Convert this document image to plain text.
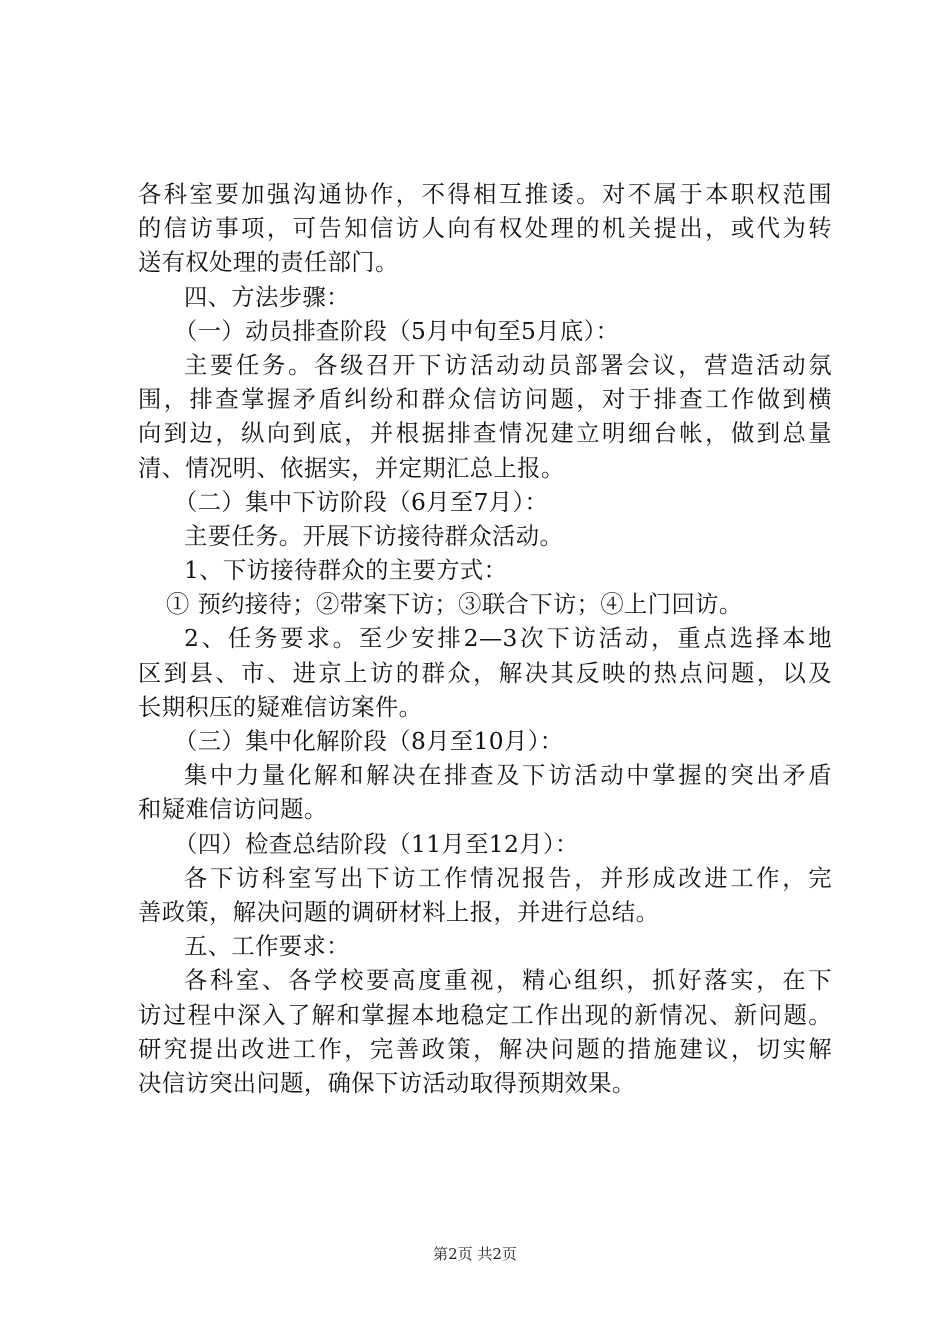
各科室要加强沟通协作，不得相互推诿。对不属于本职权范围
的信访事项，可告知信访人向有权处理的机关提出，或代为转
送有权处理的责任部门。
四、方法步骤：
（一）动员排查阶段（5月中旬至5月底）：
主要任务。各级召开下访活动动员部署会议，营造活动氛
围，排查掌握矛盾纠纷和群众信访问题，对于排查工作做到横
向到边，纵向到底，并根据排查情况建立明细台帐，做到总量
清、情况明、依据实，并定期汇总上报。
（二）集中下访阶段（6月至7月）：
主要任务。开展下访接待群众活动。
1、下访接待群众的主要方式：
① 预约接待；②带案下访；③联合下访；④上门回访。
2、任务要求。至少安排2—3次下访活动，重点选择本地
区到县、市、进京上访的群众，解决其反映的热点问题，以及
长期积压的疑难信访案件。
（三）集中化解阶段（8月至10月）：
集中力量化解和解决在排查及下访活动中掌握的突出矛盾
和疑难信访问题。
（四）检查总结阶段（11月至12月）：
各下访科室写出下访工作情况报告，并形成改进工作，完
善政策，解决问题的调研材料上报，并进行总结。
五、工作要求：
各科室、各学校要高度重视，精心组织，抓好落实，在下
访过程中深入了解和掌握本地稳定工作出现的新情况、新问题。
研究提出改进工作，完善政策，解决问题的措施建议，切实解
决信访突出问题，确保下访活动取得预期效果。
第2页 共2页
